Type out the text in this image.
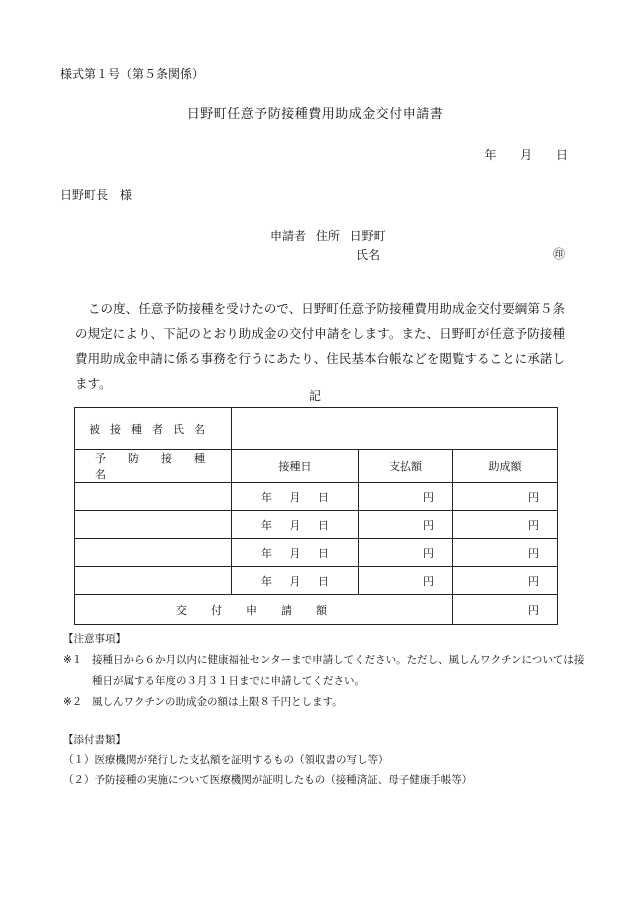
様式第１号（第５条関係）
日野町任意予防接種費用助成金交付申請書
年 月 日
日野町長　様
申請者 住所 日野町
氏名	㊞
この度、任意予防接種を受けたので、日野町任意予防接種費用助成金交付要綱第５条の規定により、下記のとおり助成金の交付申請をします。また、日野町が任意予防接種費用助成金申請に係る事務を行うにあたり、住民基本台帳などを閲覧することに承諾します。
記
被接種者氏名			
予防接種名	接種日	支払額	助成額
	年 月 日	円	円
	年 月 日	円	円
	年 月 日	円	円
	年 月 日	円	円
交付申請額			円
【注意事項】
※１ 接種日から６か月以内に健康福祉センターまで申請してください。ただし、風しんワクチンについては接
種日が属する年度の３月３１日までに申請してください。
※２ 風しんワクチンの助成金の額は上限８千円とします。
【添付書類】
（１）医療機関が発行した支払額を証明するもの（領収書の写し等）
（２）予防接種の実施について医療機関が証明したもの（接種済証、母子健康手帳等）
